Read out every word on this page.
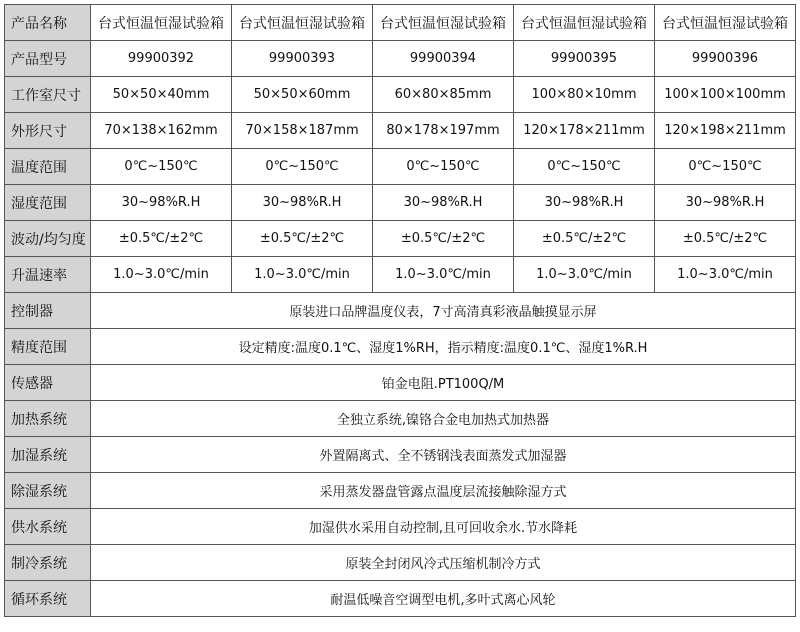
产品名称	台式恒温恒湿试验箱	台式恒温恒湿试验箱	台式恒温恒湿试验箱	台式恒温恒湿试验箱	台式恒温恒湿试验箱
产品型号	99900392	99900393	99900394	99900395	99900396
工作室尺寸	50×50×40mm	50×50×60mm	60×80×85mm	100×80×10mm	100×100×100mm
外形尺寸	70×138×162mm	70×158×187mm	80×178×197mm	120×178×211mm	120×198×211mm
温度范围	0℃~150℃	0℃~150℃	0℃~150℃	0℃~150℃	0℃~150℃
湿度范围	30~98%R.H	30~98%R.H	30~98%R.H	30~98%R.H	30~98%R.H
波动/均匀度	±0.5℃/±2℃	±0.5℃/±2℃	±0.5℃/±2℃	±0.5℃/±2℃	±0.5℃/±2℃
升温速率	1.0~3.0℃/min	1.0~3.0℃/min	1.0~3.0℃/min	1.0~3.0℃/min	1.0~3.0℃/min
控制器	原装进口品牌温度仪表，7寸高清真彩液晶触摸显示屏				
精度范围	设定精度:温度0.1℃、湿度1%RH，指示精度:温度0.1℃、湿度1%R.H				
传感器	铂金电阻.PT100Q/M				
加热系统	全独立系统,镍铬合金电加热式加热器				
加湿系统	外置隔离式、全不锈钢浅表面蒸发式加湿器				
除湿系统	采用蒸发器盘管露点温度层流接触除湿方式				
供水系统	加湿供水采用自动控制,且可回收余水.节水降耗				
制冷系统	原装全封闭风冷式压缩机制冷方式				
循环系统	耐温低噪音空调型电机,多叶式离心风轮				
